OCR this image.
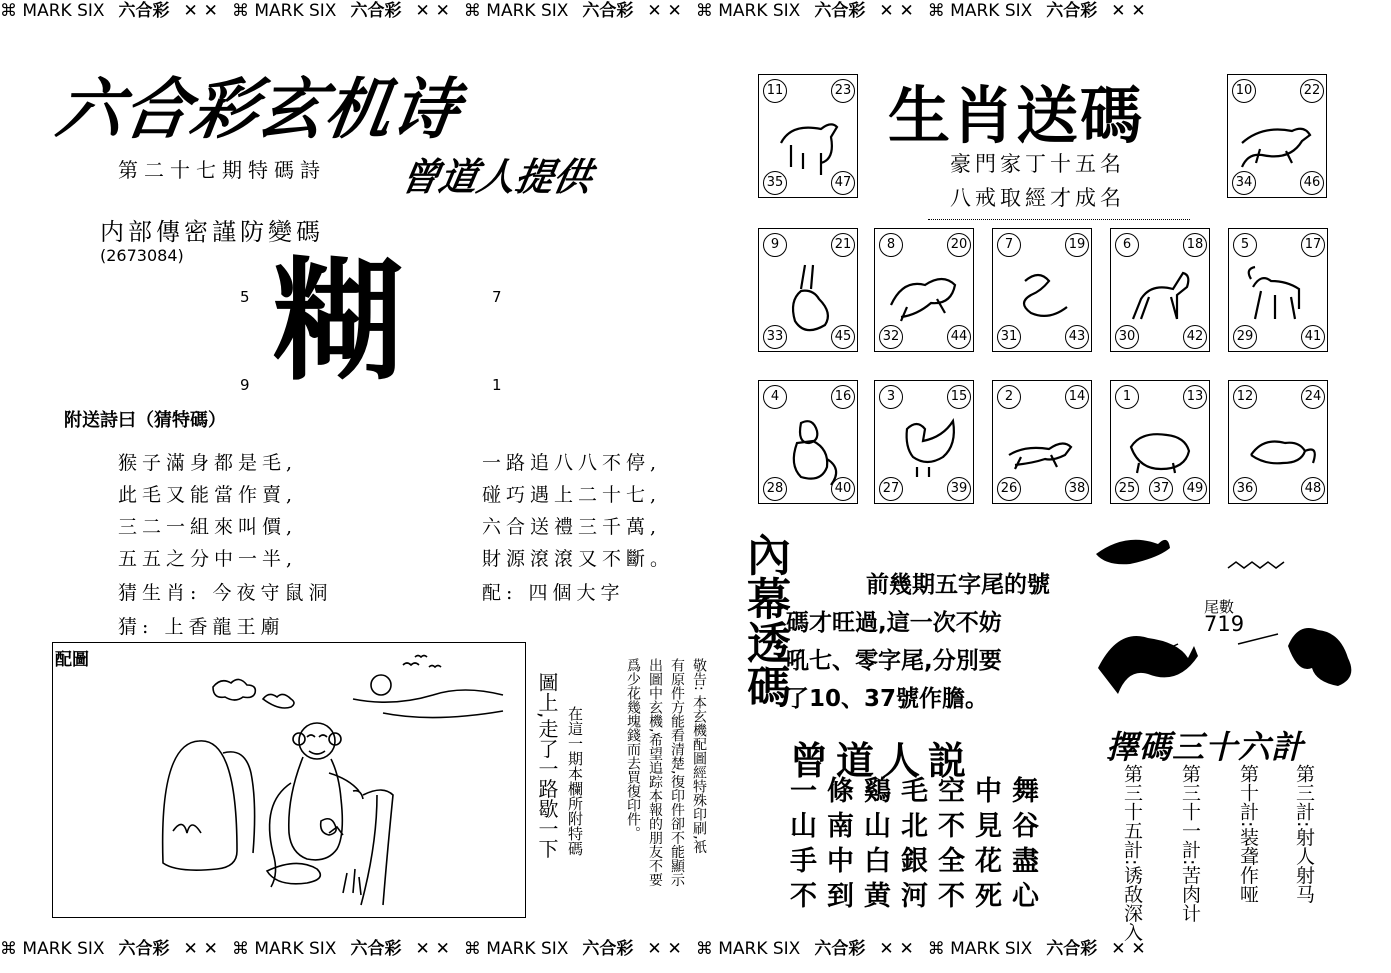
⌘ MARK SIX 六合彩 ✕ ✕ ⌘ MARK SIX 六合彩 ✕ ✕ ⌘ MARK SIX 六合彩 ✕ ✕ ⌘ MARK SIX 六合彩 ✕ ✕ ⌘ MARK SIX 六合彩 ✕ ✕
⌘ MARK SIX 六合彩 ✕ ✕ ⌘ MARK SIX 六合彩 ✕ ✕ ⌘ MARK SIX 六合彩 ✕ ✕ ⌘ MARK SIX 六合彩 ✕ ✕ ⌘ MARK SIX 六合彩 ✕ ✕
六合彩玄机诗
第二十七期特碼詩 曾道人提供
内部傳密謹防變碼
(2673084)
5	7
9	1
糊
附送詩曰（猜特碼）
猴子滿身都是毛,
此毛又能當作賣,
三二一組來叫價,
五五之分中一半,
猜生肖: 今夜守鼠洞
猜: 上香龍王廟
一路追八八不停,
碰巧遇上二十七,
六合送禮三千萬,
財源滾滾又不斷。
配: 四個大字
配圖
圖上,走了一路歇一下 在這一期本欄所附特碼	敬告: 本玄機配圖經特殊印刷,衹
有原件方能看清楚,復印件卻不能顯示
出圖中玄機,希望追踪本報的朋友不要
爲少花幾塊錢而去買復印件。
生肖送碼
豪門家丁十五名
八戒取經才成名
11	23
35	47
10	22
34	46
9	21
33	45
8	20
32	44
7	19
31	43
6	18
30	42
5	17
29	41
4	16
28	40
3	15
27	39
2	14
26	38
1	13
25 37 49
12	24
36	48
內幕透碼	前幾期五字尾的號
碼才旺過,這一次不妨
吼七、零字尾,分別要
了10、37號作膽。
尾數
719
曾道人説
一條鷄毛空中舞
山南山北不見谷
手中白銀全花盡
不到黄河不死心
擇碼三十六計
第三計:射人射马
第十計:装聋作哑
第三十一計:苦肉计
第三十五計:诱敌深入
